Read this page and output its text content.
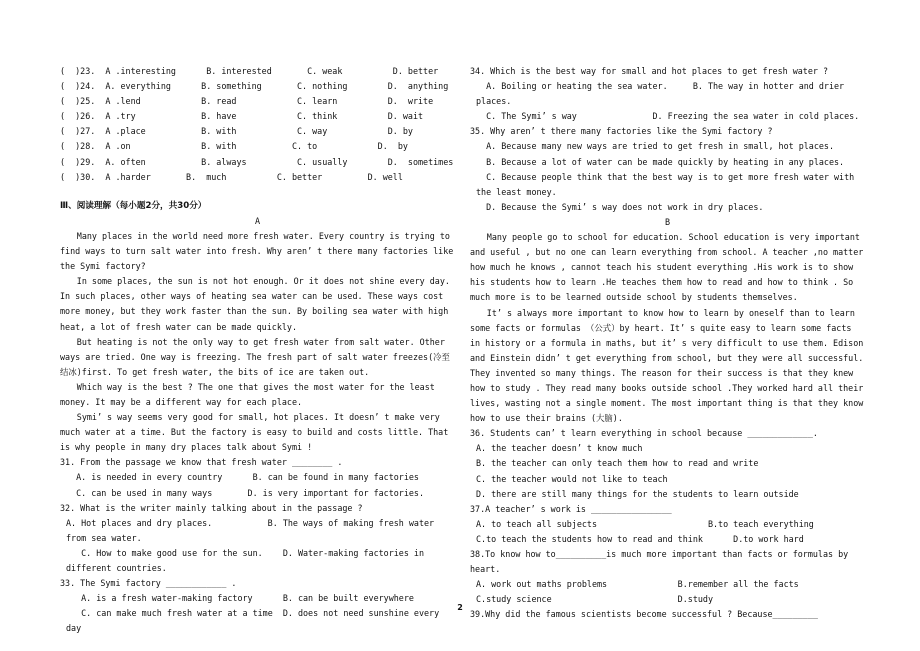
(  )23.  A .interesting      B. interested       C. weak          D. better
(  )24.  A. everything      B. something       C. nothing        D.  anything
(  )25.  A .lend            B. read            C. learn          D.  write
(  )26.  A .try             B. have            C. think          D. wait
(  )27.  A .place           B. with            C. way            D. by
(  )28.  A .on              B. with           C. to            D.  by
(  )29.  A. often           B. always          C. usually        D.  sometimes
(  )30.  A .harder       B.  much          C. better         D. well
Ⅲ、阅读理解（每小题2分，共30分）
A
Many places in the world need more fresh water. Every country is trying to find ways to turn salt water into fresh. Why aren’ t there many factories like the Symi factory?
In some places, the sun is not hot enough. Or it does not shine every day. In such places, other ways of heating sea water can be used. These ways cost more money, but they work faster than the sun. By boiling sea water with high heat, a lot of fresh water can be made quickly.
But heating is not the only way to get fresh water from salt water. Other ways are tried. One way is freezing. The fresh part of salt water freezes(冷至结冰)first. To get fresh water, the bits of ice are taken out.
Which way is the best ? The one that gives the most water for the least money. It may be a different way for each place.
Symi’ s way seems very good for small, hot places. It doesn’ t make very much water at a time. But the factory is easy to build and costs little. That is why people in many dry places talk about Symi !
31. From the passage we know that fresh water ________ .
A. is needed in every country      B. can be found in many factories
C. can be used in many ways       D. is very important for factories.
32. What is the writer mainly talking about in the passage ?
A. Hot places and dry places.           B. The ways of making fresh water from sea water.
C. How to make good use for the sun.    D. Water-making factories in different countries.
33. The Symi factory ____________ .
A. is a fresh water-making factory      B. can be built everywhere
C. can make much fresh water at a time  D. does not need sunshine every day
34. Which is the best way for small and hot places to get fresh water ?
A. Boiling or heating the sea water.     B. The way in hotter and drier places.
C. The Symi’ s way               D. Freezing the sea water in cold places.
35. Why aren’ t there many factories like the Symi factory ?
A. Because many new ways are tried to get fresh in small, hot places.
B. Because a lot of water can be made quickly by heating in any places.
C. Because people think that the best way is to get more fresh water with the least money.
D. Because the Symi’ s way does not work in dry places.
B
Many people go to school for education. School education is very important and useful , but no one can learn everything from school. A teacher ,no matter how much he knows , cannot teach his student everything .His work is to show his students how to learn .He teaches them how to read and how to think . So much more is to be learned outside school by students themselves.
It’ s always more important to know how to learn by oneself than to learn some facts or formulas （公式）by heart. It’ s quite easy to learn some facts in history or a formula in maths, but it’ s very difficult to use them. Edison and Einstein didn’ t get everything from school, but they were all successful. They invented so many things. The reason for their success is that they knew how to study . They read many books outside school .They worked hard all their lives, wasting not a single moment. The most important thing is that they know how to use their brains (大脑).
36. Students can’ t learn everything in school because _____________.
A. the teacher doesn’ t know much
B. the teacher can only teach them how to read and write
C. the teacher would not like to teach
D. there are still many things for the students to learn outside
37.A teacher’ s work is ________________
A. to teach all subjects                      B.to teach everything
C.to teach the students how to read and think      D.to work hard
38.To know how to__________is much more important than facts or formulas by heart.
A. work out maths problems              B.remember all the facts
C.study science                         D.study
39.Why did the famous scientists become successful ? Because_________
2
